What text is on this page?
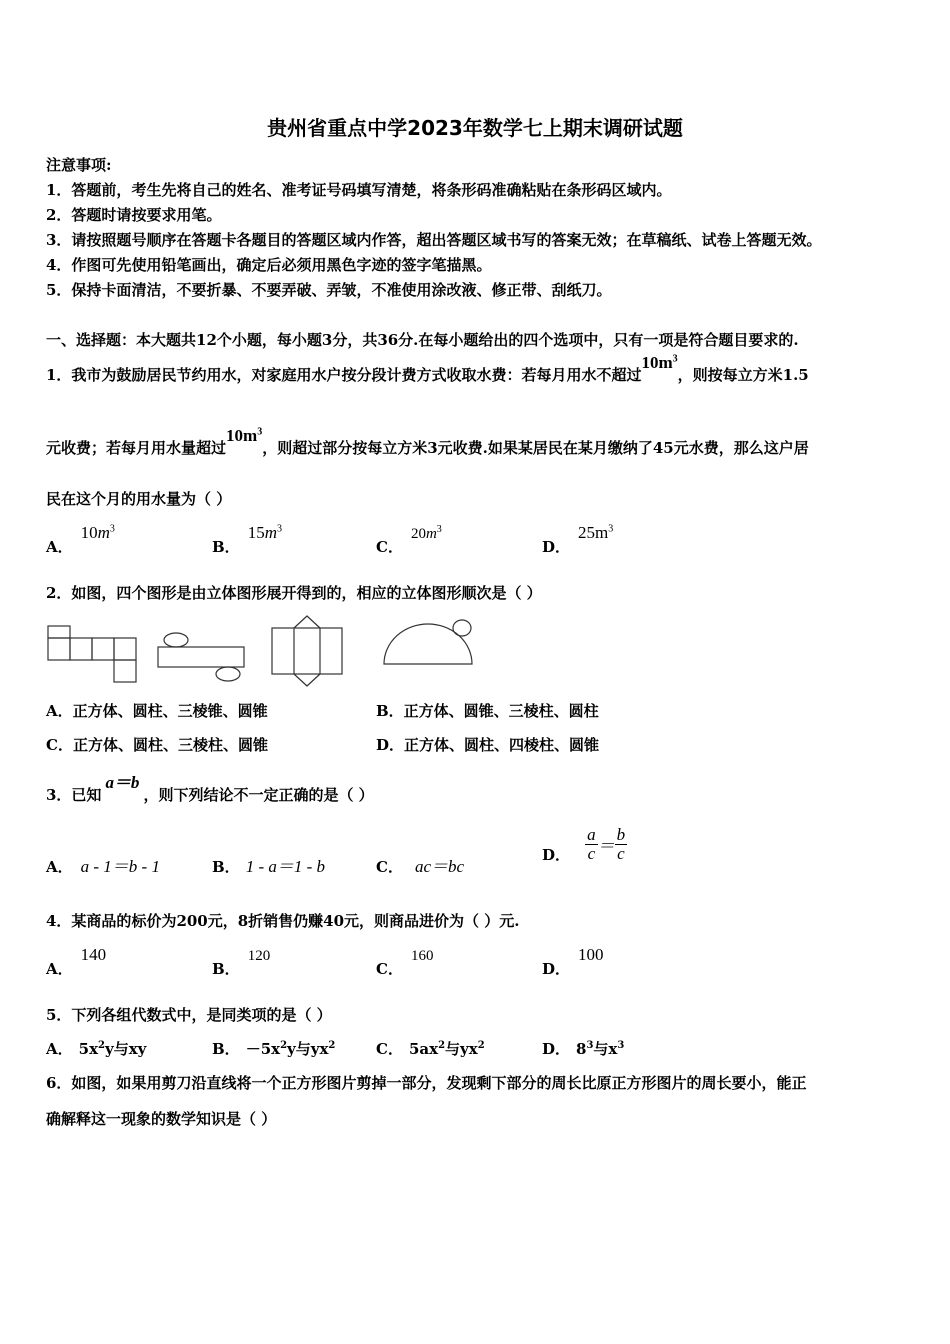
贵州省重点中学2023年数学七上期末调研试题
注意事项:
1．答题前，考生先将自己的姓名、准考证号码填写清楚，将条形码准确粘贴在条形码区域内。
2．答题时请按要求用笔。
3．请按照题号顺序在答题卡各题目的答题区域内作答，超出答题区域书写的答案无效；在草稿纸、试卷上答题无效。
4．作图可先使用铅笔画出，确定后必须用黑色字迹的签字笔描黑。
5．保持卡面清洁，不要折暴、不要弄破、弄皱，不准使用涂改液、修正带、刮纸刀。
一、选择题：本大题共12个小题，每小题3分，共36分.在每小题给出的四个选项中，只有一项是符合题目要求的.
1．我市为鼓励居民节约用水，对家庭用水户按分段计费方式收取水费：若每月用水不超过$10m^3$，则按每立方米1.5
元收费；若每月用水量超过$10m^3$，则超过部分按每立方米3元收费.如果某居民在某月缴纳了45元水费，那么这户居
民在这个月的用水量为（ ）
A．$10m^3$
B．$15m^3$
C．$20m^3$
D．$25m^3$
2．如图，四个图形是由立体图形展开得到的，相应的立体图形顺次是（ ）
A．正方体、圆柱、三棱锥、圆锥	B．正方体、圆锥、三棱柱、圆柱
C．正方体、圆柱、三棱柱、圆锥	D．正方体、圆柱、四棱柱、圆锥
3．已知a＝b，则下列结论不一定正确的是（ ）
A． a - 1＝b - 1	B． 1 - a＝1 - b	C． ac＝bc
D． $\frac{a}{c} = \frac{b}{c}$
4．某商品的标价为200元，8折销售仍赚40元，则商品进价为（ ）元.
A．140
B．120
C．160
D．100
5．下列各组代数式中，是同类项的是（ ）
A． $5x^2y$与xy	B． $-5x^2y$与$yx^2$	C． $5ax^2$与$yx^2$	D． $8^3$与$x^3$
6．如图，如果用剪刀沿直线将一个正方形图片剪掉一部分，发现剩下部分的周长比原正方形图片的周长要小，能正
确解释这一现象的数学知识是（ ）
